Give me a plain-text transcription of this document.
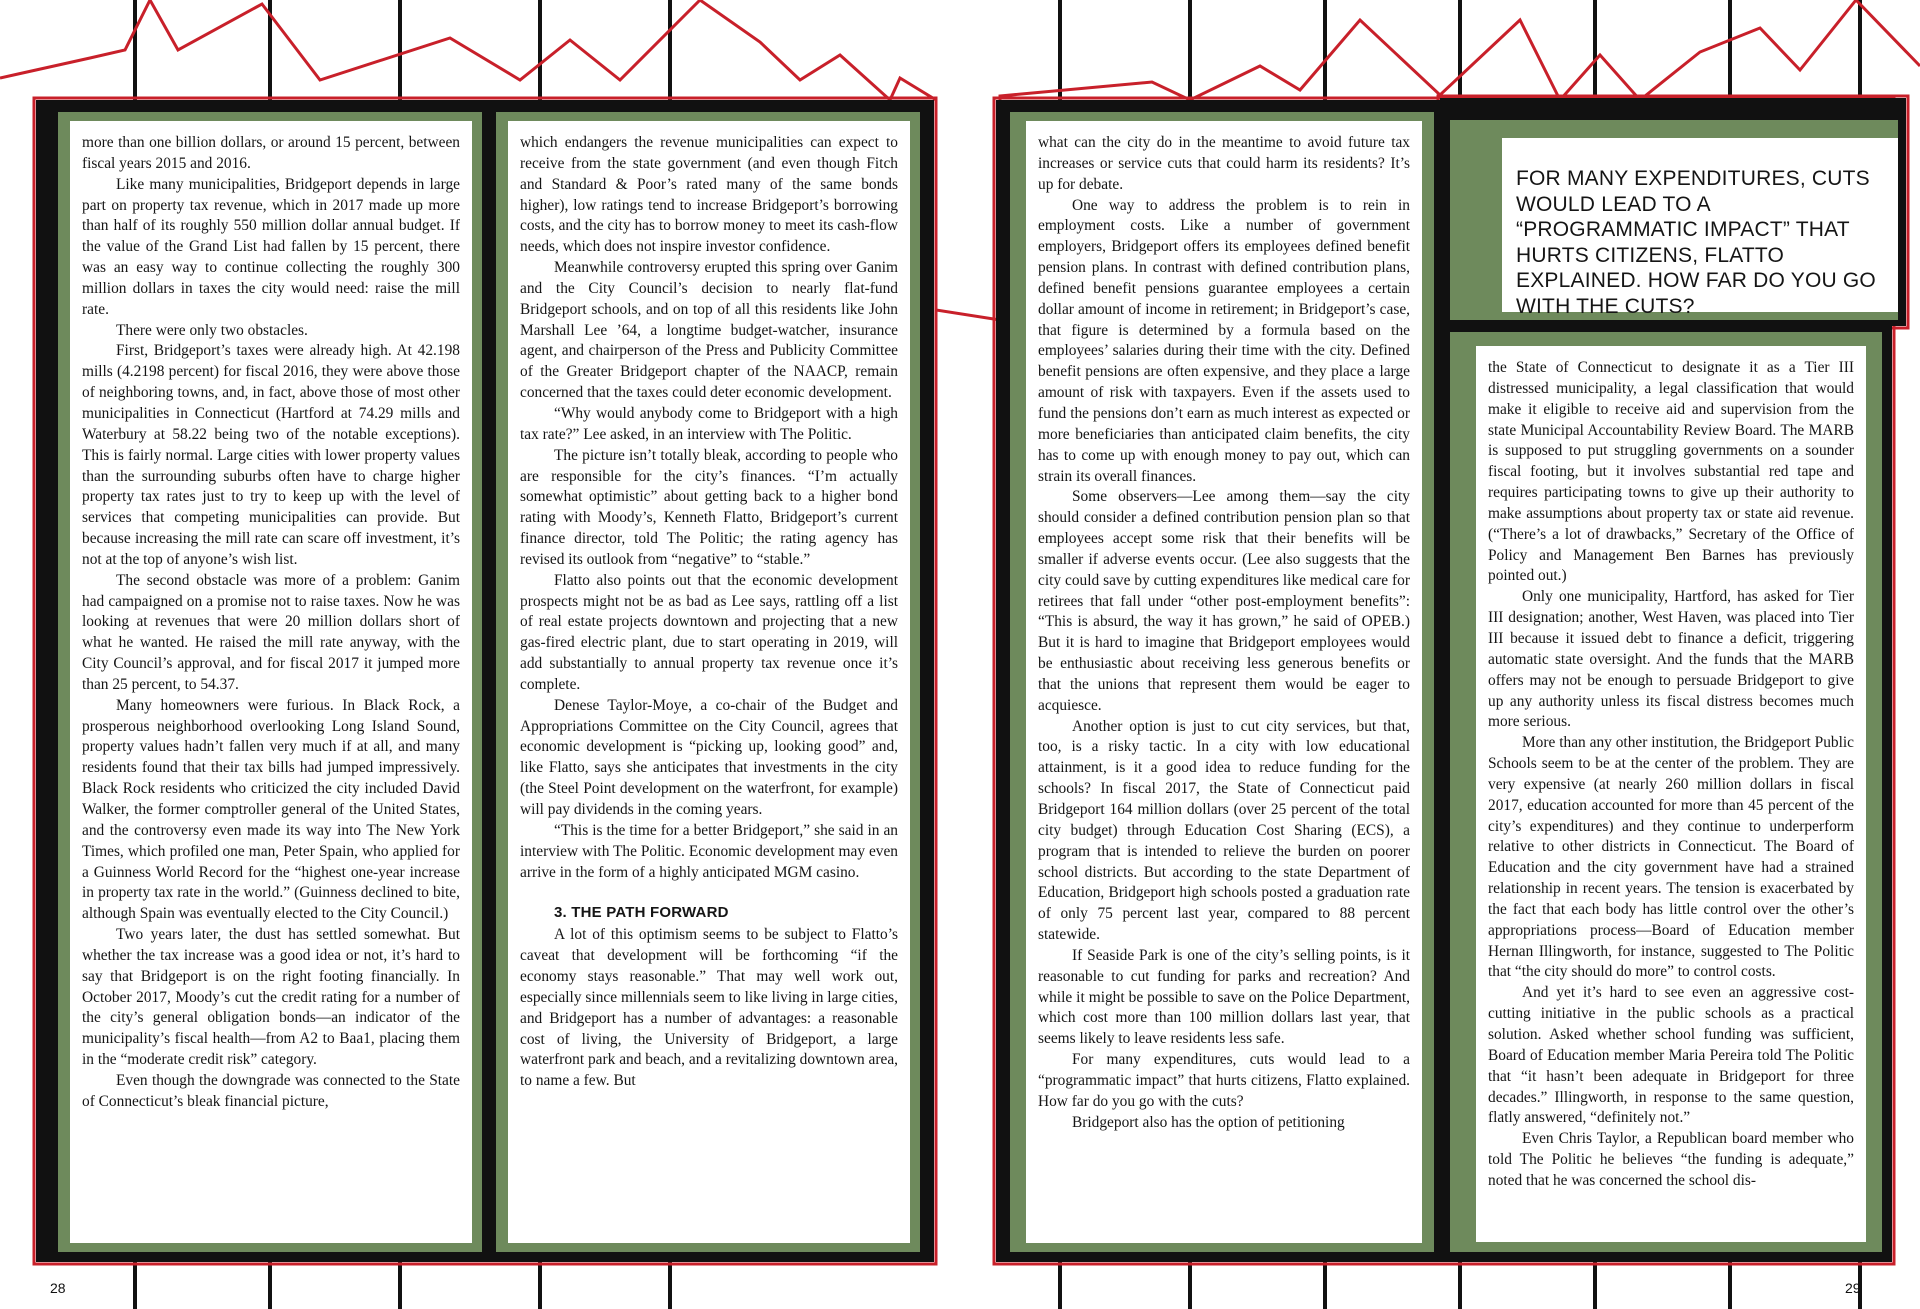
more than one billion dollars, or around 15 percent, between fiscal years 2015 and 2016.

Like many municipalities, Bridgeport depends in large part on property tax revenue, which in 2017 made up more than half of its roughly 550 million dollar annual budget. If the value of the Grand List had fallen by 15 percent, there was an easy way to continue collecting the roughly 300 million dollars in taxes the city would need: raise the mill rate.

There were only two obstacles.

First, Bridgeport’s taxes were already high. At 42.198 mills (4.2198 percent) for fiscal 2016, they were above those of neighboring towns, and, in fact, above those of most other municipalities in Connecticut (Hartford at 74.29 mills and Waterbury at 58.22 being two of the notable exceptions). This is fairly normal. Large cities with lower property values than the surrounding suburbs often have to charge higher property tax rates just to try to keep up with the level of services that competing municipalities can provide. But because increasing the mill rate can scare off investment, it’s not at the top of anyone’s wish list.

The second obstacle was more of a problem: Ganim had campaigned on a promise not to raise taxes. Now he was looking at revenues that were 20 million dollars short of what he wanted. He raised the mill rate anyway, with the City Council’s approval, and for fiscal 2017 it jumped more than 25 percent, to 54.37.

Many homeowners were furious. In Black Rock, a prosperous neighborhood overlooking Long Island Sound, property values hadn’t fallen very much if at all, and many residents found that their tax bills had jumped impressively. Black Rock residents who criticized the city included David Walker, the former comptroller general of the United States, and the controversy even made its way into The New York Times, which profiled one man, Peter Spain, who applied for a Guinness World Record for the “highest one-year increase in property tax rate in the world.” (Guinness declined to bite, although Spain was eventually elected to the City Council.)

Two years later, the dust has settled somewhat. But whether the tax increase was a good idea or not, it’s hard to say that Bridgeport is on the right footing financially. In October 2017, Moody’s cut the credit rating for a number of the city’s general obligation bonds—an indicator of the municipality’s fiscal health—from A2 to Baa1, placing them in the “moderate credit risk” category.

Even though the downgrade was connected to the State of Connecticut’s bleak financial picture,

which endangers the revenue municipalities can expect to receive from the state government (and even though Fitch and Standard & Poor’s rated many of the same bonds higher), low ratings tend to increase Bridgeport’s borrowing costs, and the city has to borrow money to meet its cash-flow needs, which does not inspire investor confidence.

Meanwhile controversy erupted this spring over Ganim and the City Council’s decision to nearly flat-fund Bridgeport schools, and on top of all this residents like John Marshall Lee ’64, a longtime budget-watcher, insurance agent, and chairperson of the Press and Publicity Committee of the Greater Bridgeport chapter of the NAACP, remain concerned that the taxes could deter economic development.

“Why would anybody come to Bridgeport with a high tax rate?” Lee asked, in an interview with The Politic.

The picture isn’t totally bleak, according to people who are responsible for the city’s finances. “I’m actually somewhat optimistic” about getting back to a higher bond rating with Moody’s, Kenneth Flatto, Bridgeport’s current finance director, told The Politic; the rating agency has revised its outlook from “negative” to “stable.”

Flatto also points out that the economic development prospects might not be as bad as Lee says, rattling off a list of real estate projects downtown and projecting that a new gas-fired electric plant, due to start operating in 2019, will add substantially to annual property tax revenue once it’s complete.

Denese Taylor-Moye, a co-chair of the Budget and Appropriations Committee on the City Council, agrees that economic development is “picking up, looking good” and, like Flatto, says she anticipates that investments in the city (the Steel Point development on the waterfront, for example) will pay dividends in the coming years.

“This is the time for a better Bridgeport,” she said in an interview with The Politic. Economic development may even arrive in the form of a highly anticipated MGM casino.

3. THE PATH FORWARD

A lot of this optimism seems to be subject to Flatto’s caveat that development will be forthcoming “if the economy stays reasonable.” That may well work out, especially since millennials seem to like living in large cities, and Bridgeport has a number of advantages: a reasonable cost of living, the University of Bridgeport, a large waterfront park and beach, and a revitalizing downtown area, to name a few. But

what can the city do in the meantime to avoid future tax increases or service cuts that could harm its residents? It’s up for debate.

One way to address the problem is to rein in employment costs. Like a number of government employers, Bridgeport offers its employees defined benefit pension plans. In contrast with defined contribution plans, defined benefit pensions guarantee employees a certain dollar amount of income in retirement; in Bridgeport’s case, that figure is determined by a formula based on the employees’ salaries during their time with the city. Defined benefit pensions are often expensive, and they place a large amount of risk with taxpayers. Even if the assets used to fund the pensions don’t earn as much interest as expected or more beneficiaries than anticipated claim benefits, the city has to come up with enough money to pay out, which can strain its overall finances.

Some observers—Lee among them—say the city should consider a defined contribution pension plan so that employees accept some risk that their benefits will be smaller if adverse events occur. (Lee also suggests that the city could save by cutting expenditures like medical care for retirees that fall under “other post-employment benefits”: “This is absurd, the way it has grown,” he said of OPEB.) But it is hard to imagine that Bridgeport employees would be enthusiastic about receiving less generous benefits or that the unions that represent them would be eager to acquiesce.

Another option is just to cut city services, but that, too, is a risky tactic. In a city with low educational attainment, is it a good idea to reduce funding for the schools? In fiscal 2017, the State of Connecticut paid Bridgeport 164 million dollars (over 25 percent of the total city budget) through Education Cost Sharing (ECS), a program that is intended to relieve the burden on poorer school districts. But according to the state Department of Education, Bridgeport high schools posted a graduation rate of only 75 percent last year, compared to 88 percent statewide.

If Seaside Park is one of the city’s selling points, is it reasonable to cut funding for parks and recreation? And while it might be possible to save on the Police Department, which cost more than 100 million dollars last year, that seems likely to leave residents less safe.

For many expenditures, cuts would lead to a “programmatic impact” that hurts citizens, Flatto explained. How far do you go with the cuts?

Bridgeport also has the option of petitioning

FOR MANY EXPENDITURES, CUTS WOULD LEAD TO A “PROGRAMMATIC IMPACT” THAT HURTS CITIZENS, FLATTO EXPLAINED. HOW FAR DO YOU GO WITH THE CUTS?

the State of Connecticut to designate it as a Tier III distressed municipality, a legal classification that would make it eligible to receive aid and supervision from the state Municipal Accountability Review Board. The MARB is supposed to put struggling governments on a sounder fiscal footing, but it involves substantial red tape and requires participating towns to give up their authority to make assumptions about property tax or state aid revenue. (“There’s a lot of drawbacks,” Secretary of the Office of Policy and Management Ben Barnes has previously pointed out.)

Only one municipality, Hartford, has asked for Tier III designation; another, West Haven, was placed into Tier III because it issued debt to finance a deficit, triggering automatic state oversight. And the funds that the MARB offers may not be enough to persuade Bridgeport to give up any authority unless its fiscal distress becomes much more serious.

More than any other institution, the Bridgeport Public Schools seem to be at the center of the problem. They are very expensive (at nearly 260 million dollars in fiscal 2017, education accounted for more than 45 percent of the city’s expenditures) and they continue to underperform relative to other districts in Connecticut. The Board of Education and the city government have had a strained relationship in recent years. The tension is exacerbated by the fact that each body has little control over the other’s appropriations process—Board of Education member Hernan Illingworth, for instance, suggested to The Politic that “the city should do more” to control costs.

And yet it’s hard to see even an aggressive cost-cutting initiative in the public schools as a practical solution. Asked whether school funding was sufficient, Board of Education member Maria Pereira told The Politic that “it hasn’t been adequate in Bridgeport for three decades.” Illingworth, in response to the same question, flatly answered, “definitely not.”

Even Chris Taylor, a Republican board member who told The Politic he believes “the funding is adequate,” noted that he was concerned the school dis-

28	29
